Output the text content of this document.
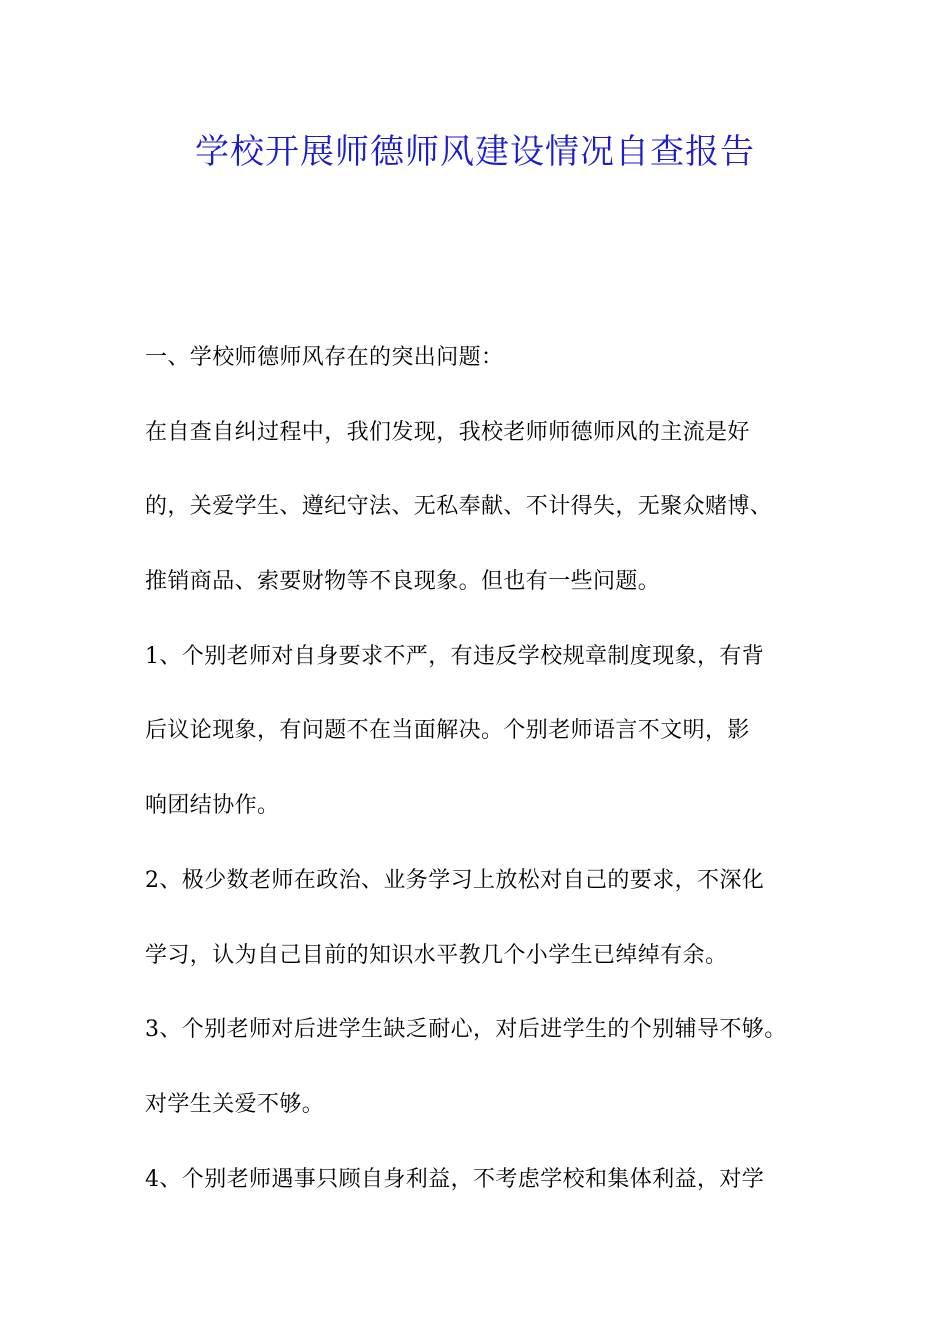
学校开展师德师风建设情况自查报告
一、学校师德师风存在的突出问题：
在自查自纠过程中，我们发现，我校老师师德师风的主流是好
的，关爱学生、遵纪守法、无私奉献、不计得失，无聚众赌博、
推销商品、索要财物等不良现象。但也有一些问题。
1、个别老师对自身要求不严，有违反学校规章制度现象，有背
后议论现象，有问题不在当面解决。个别老师语言不文明，影
响团结协作。
2、极少数老师在政治、业务学习上放松对自己的要求，不深化
学习，认为自己目前的知识水平教几个小学生已绰绰有余。
3、个别老师对后进学生缺乏耐心，对后进学生的个别辅导不够。
对学生关爱不够。
4、个别老师遇事只顾自身利益，不考虑学校和集体利益，对学
